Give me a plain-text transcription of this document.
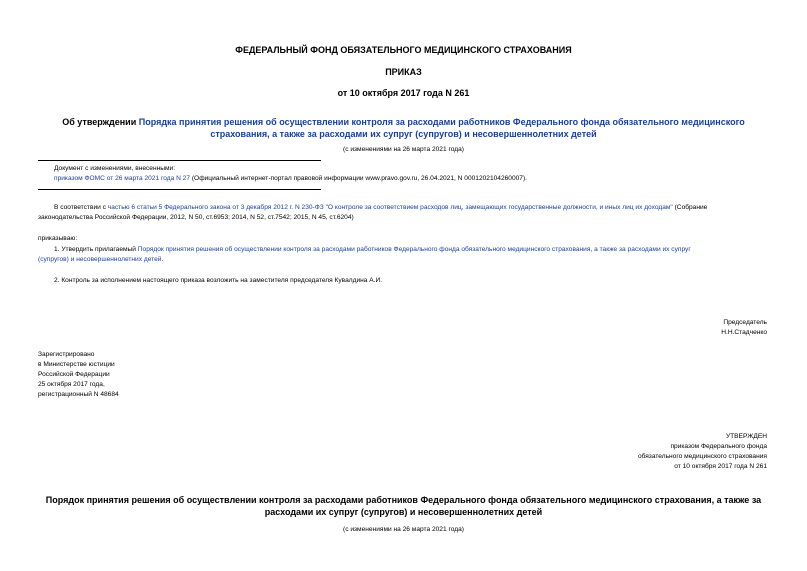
ФЕДЕРАЛЬНЫЙ ФОНД ОБЯЗАТЕЛЬНОГО МЕДИЦИНСКОГО СТРАХОВАНИЯ
ПРИКАЗ
от 10 октября 2017 года N 261
Об утверждении Порядка принятия решения об осуществлении контроля за расходами работников Федерального фонда обязательного медицинского
страхования, а также за расходами их супруг (супругов) и несовершеннолетних детей
(с изменениями на 26 марта 2021 года)
Документ с изменениями, внесенными:
приказом ФОМС от 26 марта 2021 года N 27 (Официальный интернет-портал правовой информации www.pravo.gov.ru, 26.04.2021, N 0001202104260007).
В соответствии с частью 6 статьи 5 Федерального закона от 3 декабря 2012 г. N 230-ФЗ "О контроле за соответствием расходов лиц, замещающих государственные должности, и иных лиц их доходам" (Собрание
законодательства Российской Федерации, 2012, N 50, ст.6953; 2014, N 52, ст.7542; 2015, N 45, ст.6204)
приказываю:
1. Утвердить прилагаемый Порядок принятия решения об осуществлении контроля за расходами работников Федерального фонда обязательного медицинского страхования, а также за расходами их супруг
(супругов) и несовершеннолетних детей.
2. Контроль за исполнением настоящего приказа возложить на заместителя председателя Кувалдина А.И.
Председатель
Н.Н.Стадченко
Зарегистрировано
в Министерстве юстиции
Российской Федерации
25 октября 2017 года,
регистрационный N 48684
УТВЕРЖДЕН
приказом Федерального фонда
обязательного медицинского страхования
от 10 октября 2017 года N 261
Порядок принятия решения об осуществлении контроля за расходами работников Федерального фонда обязательного медицинского страхования, а также за
расходами их супруг (супругов) и несовершеннолетних детей
(с изменениями на 26 марта 2021 года)
